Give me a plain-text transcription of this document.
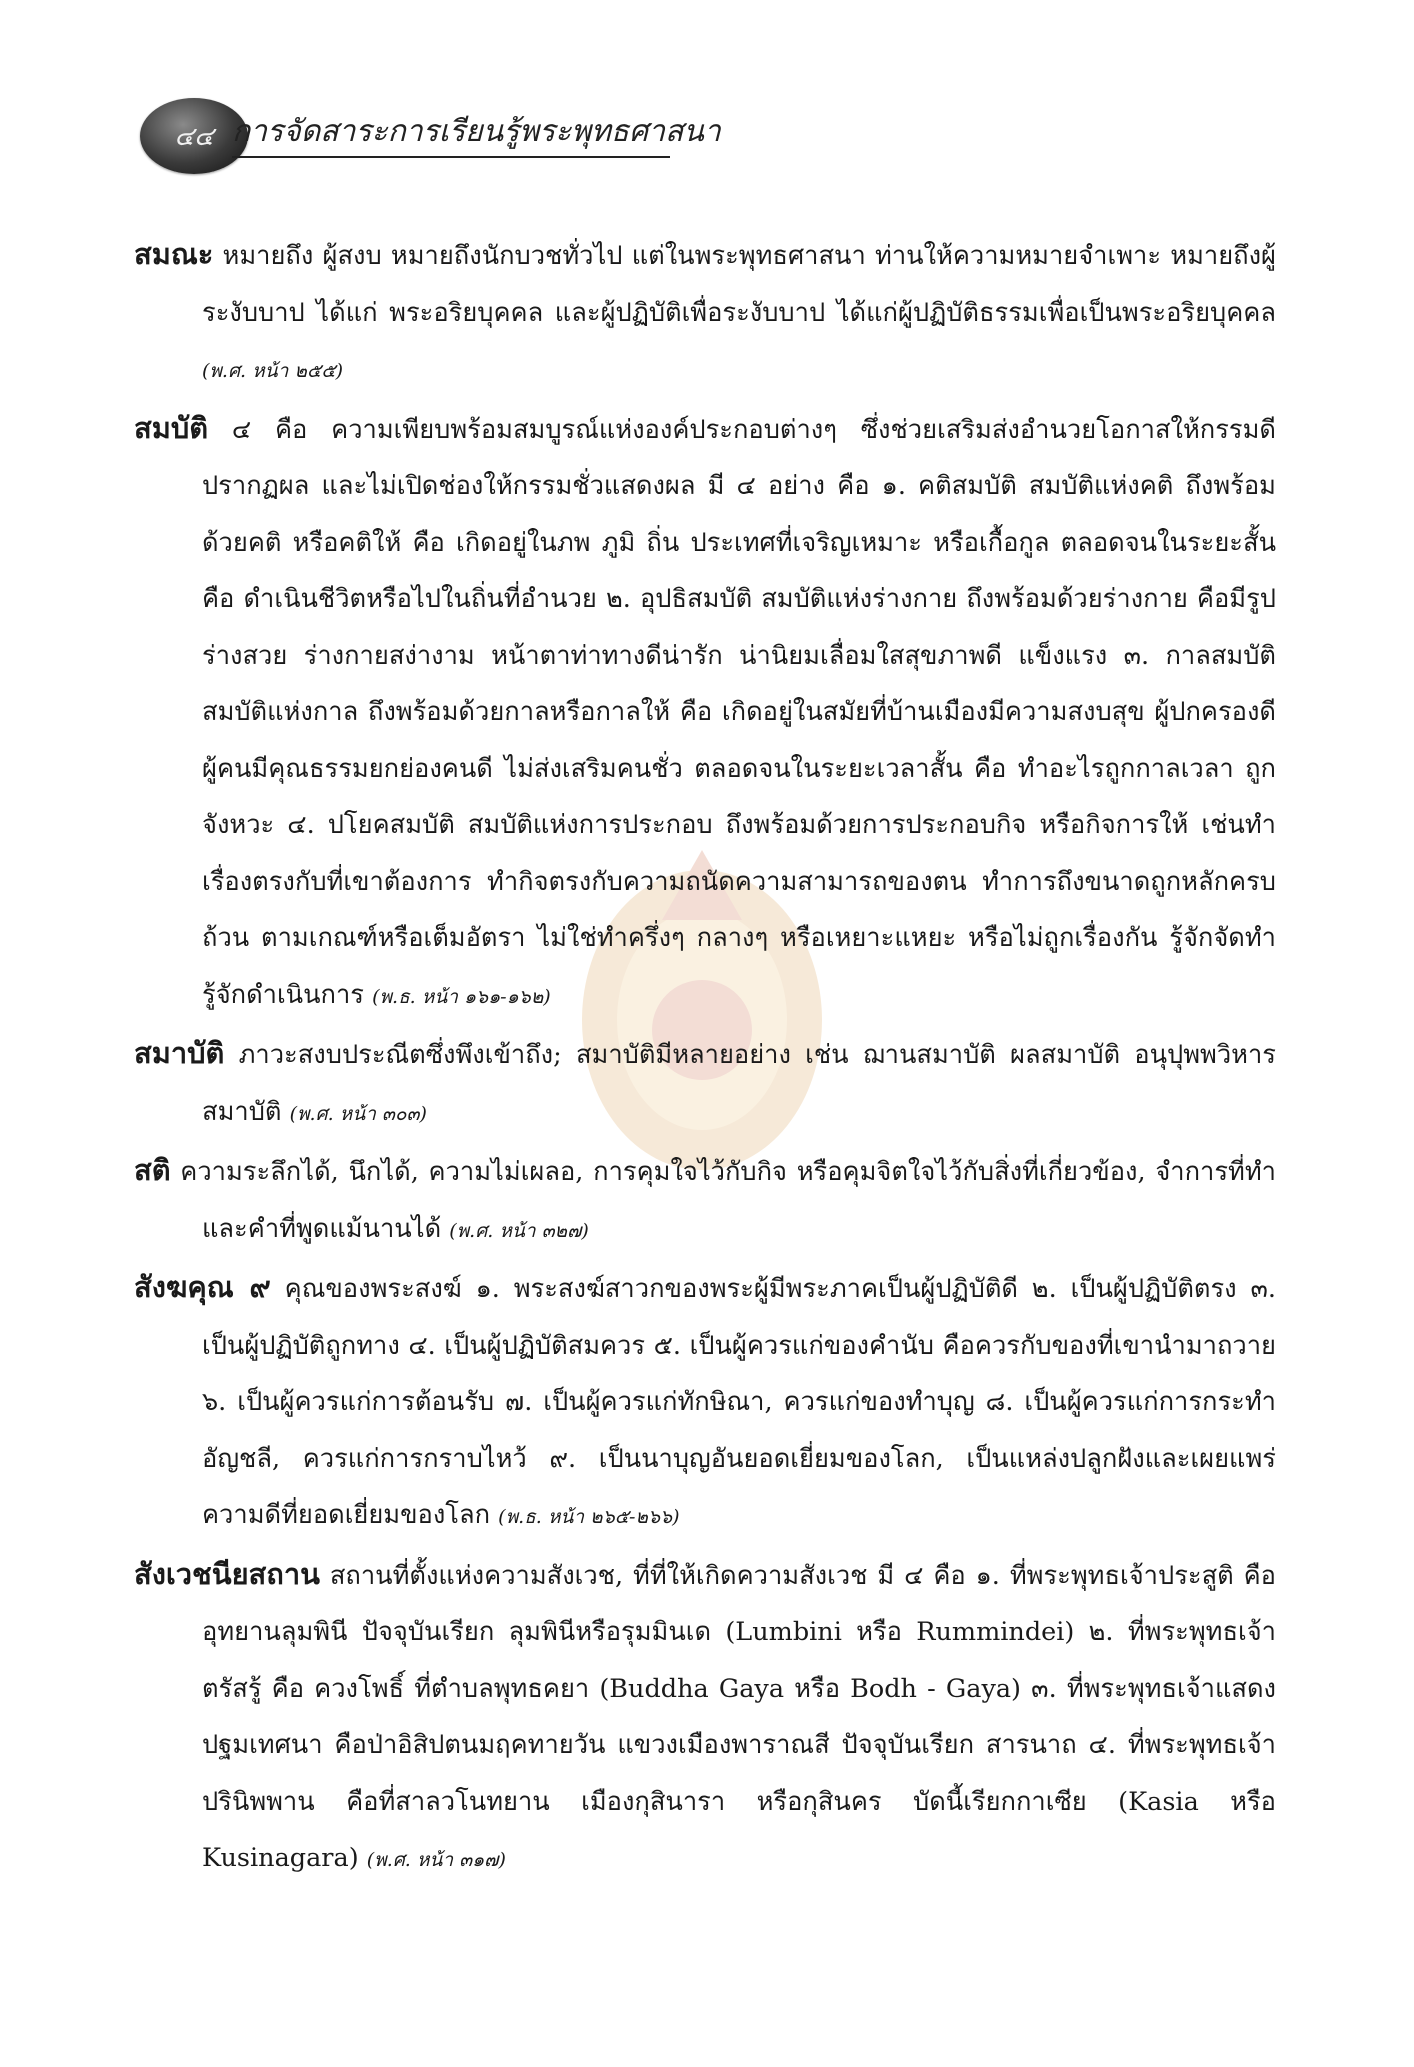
๔๔ การจัดสาระการเรียนรู้พระพุทธศาสนา

สมณะ หมายถึง ผู้สงบ หมายถึงนักบวชทั่วไป แต่ในพระพุทธศาสนา ท่านให้ความหมายจำเพาะ หมายถึงผู้ระงับบาป ได้แก่ พระอริยบุคคล และผู้ปฏิบัติเพื่อระงับบาป ได้แก่ผู้ปฏิบัติธรรมเพื่อเป็นพระอริยบุคคล (พ.ศ. หน้า ๒๕๕)

สมบัติ ๔ คือ ความเพียบพร้อมสมบูรณ์แห่งองค์ประกอบต่างๆ ซึ่งช่วยเสริมส่งอำนวยโอกาสให้กรรมดีปรากฏผล และไม่เปิดช่องให้กรรมชั่วแสดงผล มี ๔ อย่าง คือ ๑. คติสมบัติ สมบัติแห่งคติ ถึงพร้อมด้วยคติ หรือคติให้ คือ เกิดอยู่ในภพ ภูมิ ถิ่น ประเทศที่เจริญเหมาะ หรือเกื้อกูล ตลอดจนในระยะสั้นคือ ดำเนินชีวิตหรือไปในถิ่นที่อำนวย ๒. อุปธิสมบัติ สมบัติแห่งร่างกาย ถึงพร้อมด้วยร่างกาย คือมีรูปร่างสวย ร่างกายสง่างาม หน้าตาท่าทางดีน่ารัก น่านิยมเลื่อมใสสุขภาพดี แข็งแรง ๓. กาลสมบัติ สมบัติแห่งกาล ถึงพร้อมด้วยกาลหรือกาลให้ คือ เกิดอยู่ในสมัยที่บ้านเมืองมีความสงบสุข ผู้ปกครองดี ผู้คนมีคุณธรรมยกย่องคนดี ไม่ส่งเสริมคนชั่ว ตลอดจนในระยะเวลาสั้น คือ ทำอะไรถูกกาลเวลา ถูกจังหวะ ๔. ปโยคสมบัติ สมบัติแห่งการประกอบ ถึงพร้อมด้วยการประกอบกิจ หรือกิจการให้ เช่นทำเรื่องตรงกับที่เขาต้องการ ทำกิจตรงกับความถนัดความสามารถของตน ทำการถึงขนาดถูกหลักครบถ้วน ตามเกณฑ์หรือเต็มอัตรา ไม่ใช่ทำครึ่งๆ กลางๆ หรือเหยาะแหยะ หรือไม่ถูกเรื่องกัน รู้จักจัดทำ รู้จักดำเนินการ (พ.ธ. หน้า ๑๖๑-๑๖๒)

สมาบัติ ภาวะสงบประณีตซึ่งพึงเข้าถึง; สมาบัติมีหลายอย่าง เช่น ฌานสมาบัติ ผลสมาบัติ อนุปุพพวิหารสมาบัติ (พ.ศ. หน้า ๓๐๓)

สติ ความระลึกได้, นึกได้, ความไม่เผลอ, การคุมใจไว้กับกิจ หรือคุมจิตใจไว้กับสิ่งที่เกี่ยวข้อง, จำการที่ทำและคำที่พูดแม้นานได้ (พ.ศ. หน้า ๓๒๗)

สังฆคุณ ๙ คุณของพระสงฆ์ ๑. พระสงฆ์สาวกของพระผู้มีพระภาคเป็นผู้ปฏิบัติดี ๒. เป็นผู้ปฏิบัติตรง ๓. เป็นผู้ปฏิบัติถูกทาง ๔. เป็นผู้ปฏิบัติสมควร ๕. เป็นผู้ควรแก่ของคำนับ คือควรกับของที่เขานำมาถวาย ๖. เป็นผู้ควรแก่การต้อนรับ ๗. เป็นผู้ควรแก่ทักษิณา, ควรแก่ของทำบุญ ๘. เป็นผู้ควรแก่การกระทำอัญชลี, ควรแก่การกราบไหว้ ๙. เป็นนาบุญอันยอดเยี่ยมของโลก, เป็นแหล่งปลูกฝังและเผยแพร่ความดีที่ยอดเยี่ยมของโลก (พ.ธ. หน้า ๒๖๕-๒๖๖)

สังเวชนียสถาน สถานที่ตั้งแห่งความสังเวช, ที่ที่ให้เกิดความสังเวช มี ๔ คือ ๑. ที่พระพุทธเจ้าประสูติ คือ อุทยานลุมพินี ปัจจุบันเรียก ลุมพินีหรือรุมมินเด (Lumbini หรือ Rummindei) ๒. ที่พระพุทธเจ้าตรัสรู้ คือ ควงโพธิ์ ที่ตำบลพุทธคยา (Buddha Gaya หรือ Bodh - Gaya) ๓. ที่พระพุทธเจ้าแสดงปฐมเทศนา คือป่าอิสิปตนมฤคทายวัน แขวงเมืองพาราณสี ปัจจุบันเรียก สารนาถ ๔. ที่พระพุทธเจ้าปรินิพพาน คือที่สาลวโนทยาน เมืองกุสินารา หรือกุสินคร บัดนี้เรียกกาเซีย (Kasia หรือ Kusinagara) (พ.ศ. หน้า ๓๑๗)
